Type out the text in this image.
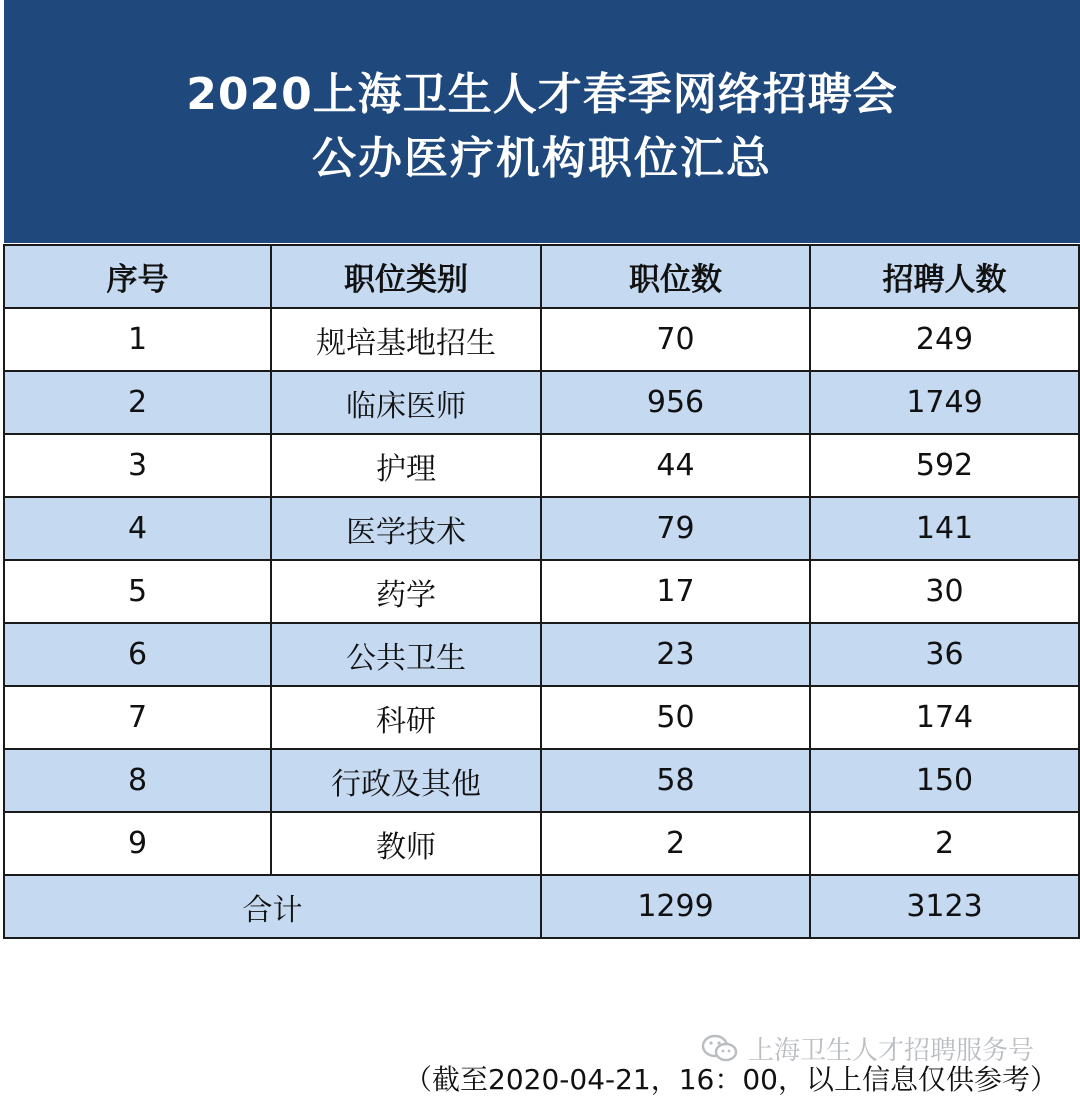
2020上海卫生人才春季网络招聘会
公办医疗机构职位汇总
序号	职位类别	职位数	招聘人数
1	规培基地招生	70	249
2	临床医师	956	1749
3	护理	44	592
4	医学技术	79	141
5	药学	17	30
6	公共卫生	23	36
7	科研	50	174
8	行政及其他	58	150
9	教师	2	2
合计		1299	3123
上海卫生人才招聘服务号
（截至2020-04-21，16：00，以上信息仅供参考）
